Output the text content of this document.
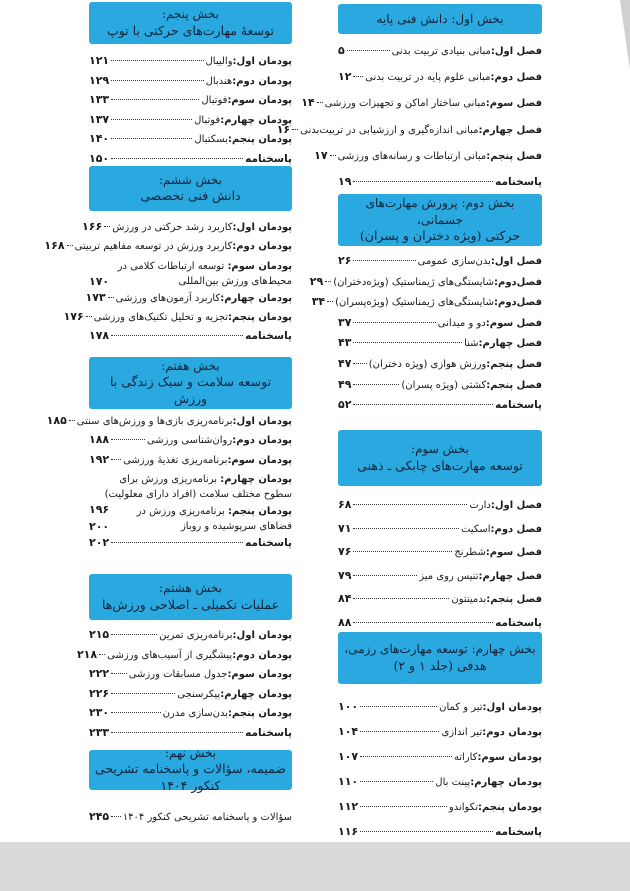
بخش اول: دانش فنی پایه
فصل اول:
مبانی بنیادی تربیت بدنی
۵
فصل دوم:
مبانی علوم پایه در تربیت بدنی
۱۲
فصل سوم:
مبانی ساختار اماکن و تجهیزات ورزشی
۱۴
فصل چهارم:
مبانی اندازه‌گیری و ارزشیابی در تربیت‌بدنی
۱۶
فصل پنجم:
مبانی ارتباطات و رسانه‌های ورزشی
۱۷
پاسخنامه
۱۹
بخش دوم: پرورش مهارت‌های جسمانی،
حرکتی (ویژه دختران و پسران)
فصل اول:
بدن‌سازی عمومی
۲۶
فصل‌دوم:
شایستگی‌های ژیمناستیک (ویژه‌دختران)
۲۹
فصل‌دوم:
شایستگی‌های ژیمناستیک (ویژه‌پسران)
۳۴
فصل سوم:
دو و میدانی
۳۷
فصل چهارم:
شنا
۴۳
فصل پنجم:
ورزش هوازی (ویژه دختران)
۴۷
فصل پنجم:
کشتی (ویژه پسران)
۴۹
پاسخنامه
۵۲
بخش سوم:
توسعه مهارت‌های چابکی ـ ذهنی
فصل اول:
دارت
۶۸
فصل دوم:
اسکیت
۷۱
فصل سوم:
شطرنج
۷۶
فصل چهارم:
تنیس روی میز
۷۹
فصل پنجم:
بدمینتون
۸۴
پاسخنامه
۸۸
بخش چهارم: توسعه مهارت‌های رزمی،
هدفی (جلد ۱ و ۲)
پودمان اول:
تیر و کمان
۱۰۰
پودمان دوم:
تیر اندازی
۱۰۴
پودمان سوم:
کاراته
۱۰۷
پودمان چهارم:
پینت بال
۱۱۰
پودمان پنجم:
تکواندو
۱۱۲
پاسخنامه
۱۱۶
بخش پنجم:
توسعهٔ مهارت‌های حرکتی با توپ
پودمان اول:
والیبال
۱۲۱
پودمان دوم:
هندبال
۱۲۹
پودمان سوم:
فوتبال
۱۳۳
پودمان چهارم:
فوتبال
۱۳۷
پودمان پنجم:
بسکتبال
۱۴۰
پاسخنامه
۱۵۰
بخش ششم:
دانش فنی تخصصی
پودمان اول:
کاربرد رشد حرکتی در ورزش
۱۶۶
پودمان دوم:
کاربرد ورزش در توسعه مفاهیم تربیتی
۱۶۸
پودمان سوم: توسعه ارتباطات کلامی در محیط‌های ورزش بین‌المللی
۱۷۰
پودمان چهارم:
کاربرد آزمون‌های ورزشی
۱۷۳
پودمان پنجم:
تجزیه و تحلیل تکنیک‌های ورزشی
۱۷۶
پاسخنامه
۱۷۸
بخش هفتم:
توسعه سلامت و سبک زندگی با ورزش
پودمان اول:
برنامه‌ریزی بازی‌ها و ورزش‌های سنتی
۱۸۵
پودمان دوم:
روان‌شناسی ورزشی
۱۸۸
پودمان سوم:
برنامه‌ریزی تغذیهٔ ورزشی
۱۹۲
پودمان چهارم: برنامه‌ریزی ورزش برای سطوح مختلف سلامت (افراد دارای معلولیت)
۱۹۶	پودمان پنجم: برنامه‌ریزی ورزش در فضاهای سرپوشیده و روباز
۲۰۰
پاسخنامه
۲۰۲
بخش هشتم:
عملیات تکمیلی ـ اصلاحی ورزش‌ها
پودمان اول:
برنامه‌ریزی تمرین
۲۱۵
پودمان دوم:
پیشگیری از آسیب‌های ورزشی
۲۱۸
پودمان سوم:
جدول مسابقات ورزشی
۲۲۲
پودمان چهارم:
پیکرسنجی
۲۲۶
پودمان پنجم:
بدن‌سازی مدرن
۲۳۰
پاسخنامه
۲۳۳
بخش نهم:
ضمیمه، سؤالات و پاسخنامه تشریحی کنکور ۱۴۰۴
سؤالات و پاسخنامه تشریحی کنکور ۱۴۰۴
۲۴۵
